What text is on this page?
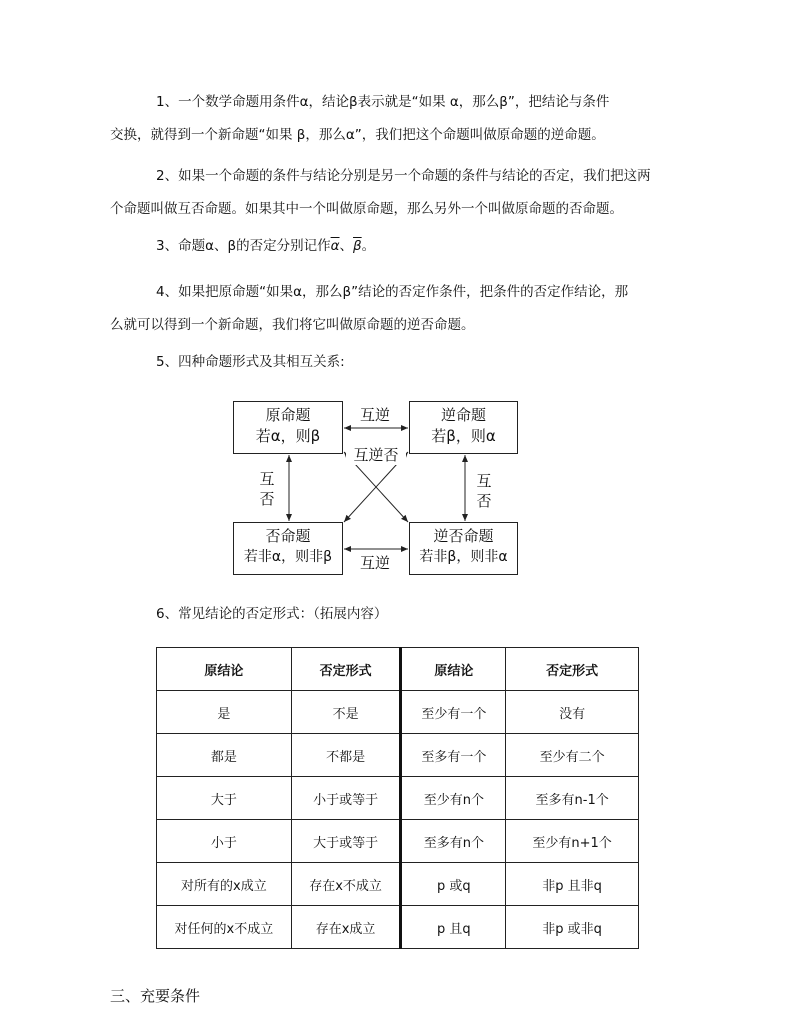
1、一个数学命题用条件α，结论β表示就是“如果 α，那么β”，把结论与条件
交换，就得到一个新命题“如果 β，那么α”，我们把这个命题叫做原命题的逆命题。
2、如果一个命题的条件与结论分别是另一个命题的条件与结论的否定，我们把这两
个命题叫做互否命题。如果其中一个叫做原命题，那么另外一个叫做原命题的否命题。
3、命题α、β的否定分别记作$\overline{\alpha}$、$\overline{\beta}$。
4、如果把原命题“如果α，那么β”结论的否定作条件，把条件的否定作结论，那
么就可以得到一个新命题，我们将它叫做原命题的逆否命题。
5、四种命题形式及其相互关系:
原命题
若α，则β
逆命题
若β，则α
否命题
若非α，则非β
逆否命题
若非β，则非α
互逆
互逆
互逆否
互
否
互
否
6、常见结论的否定形式：（拓展内容）
原结论	否定形式	原结论	否定形式
是	不是	至少有一个	没有
都是	不都是	至多有一个	至少有二个
大于	小于或等于	至少有n个	至多有n-1个
小于	大于或等于	至多有n个	至少有n+1个
对所有的x成立	存在x不成立	p 或q	非p 且非q
对任何的x不成立	存在x成立	p 且q	非p 或非q
三、充要条件
